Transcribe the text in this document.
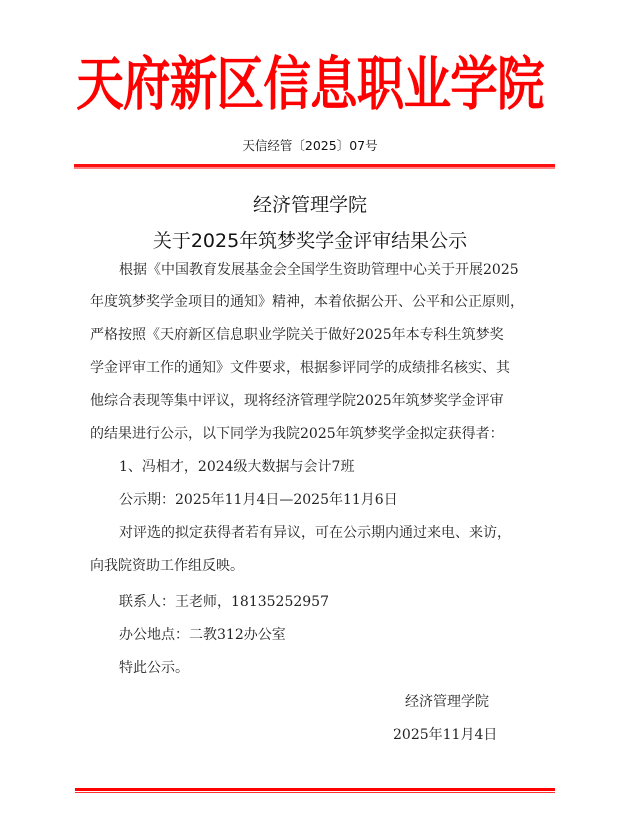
天府新区信息职业学院
天信经管〔2025〕07号
经济管理学院
关于2025年筑梦奖学金评审结果公示
根据《中国教育发展基金会全国学生资助管理中心关于开展2025
年度筑梦奖学金项目的通知》精神，本着依据公开、公平和公正原则，
严格按照《天府新区信息职业学院关于做好2025年本专科生筑梦奖
学金评审工作的通知》文件要求，根据参评同学的成绩排名核实、其
他综合表现等集中评议，现将经济管理学院2025年筑梦奖学金评审
的结果进行公示，以下同学为我院2025年筑梦奖学金拟定获得者：
1、冯相才，2024级大数据与会计7班
公示期：2025年11月4日—2025年11月6日
对评选的拟定获得者若有异议，可在公示期内通过来电、来访，
向我院资助工作组反映。
联系人：王老师，18135252957
办公地点：二教312办公室
特此公示。
经济管理学院
2025年11月4日
